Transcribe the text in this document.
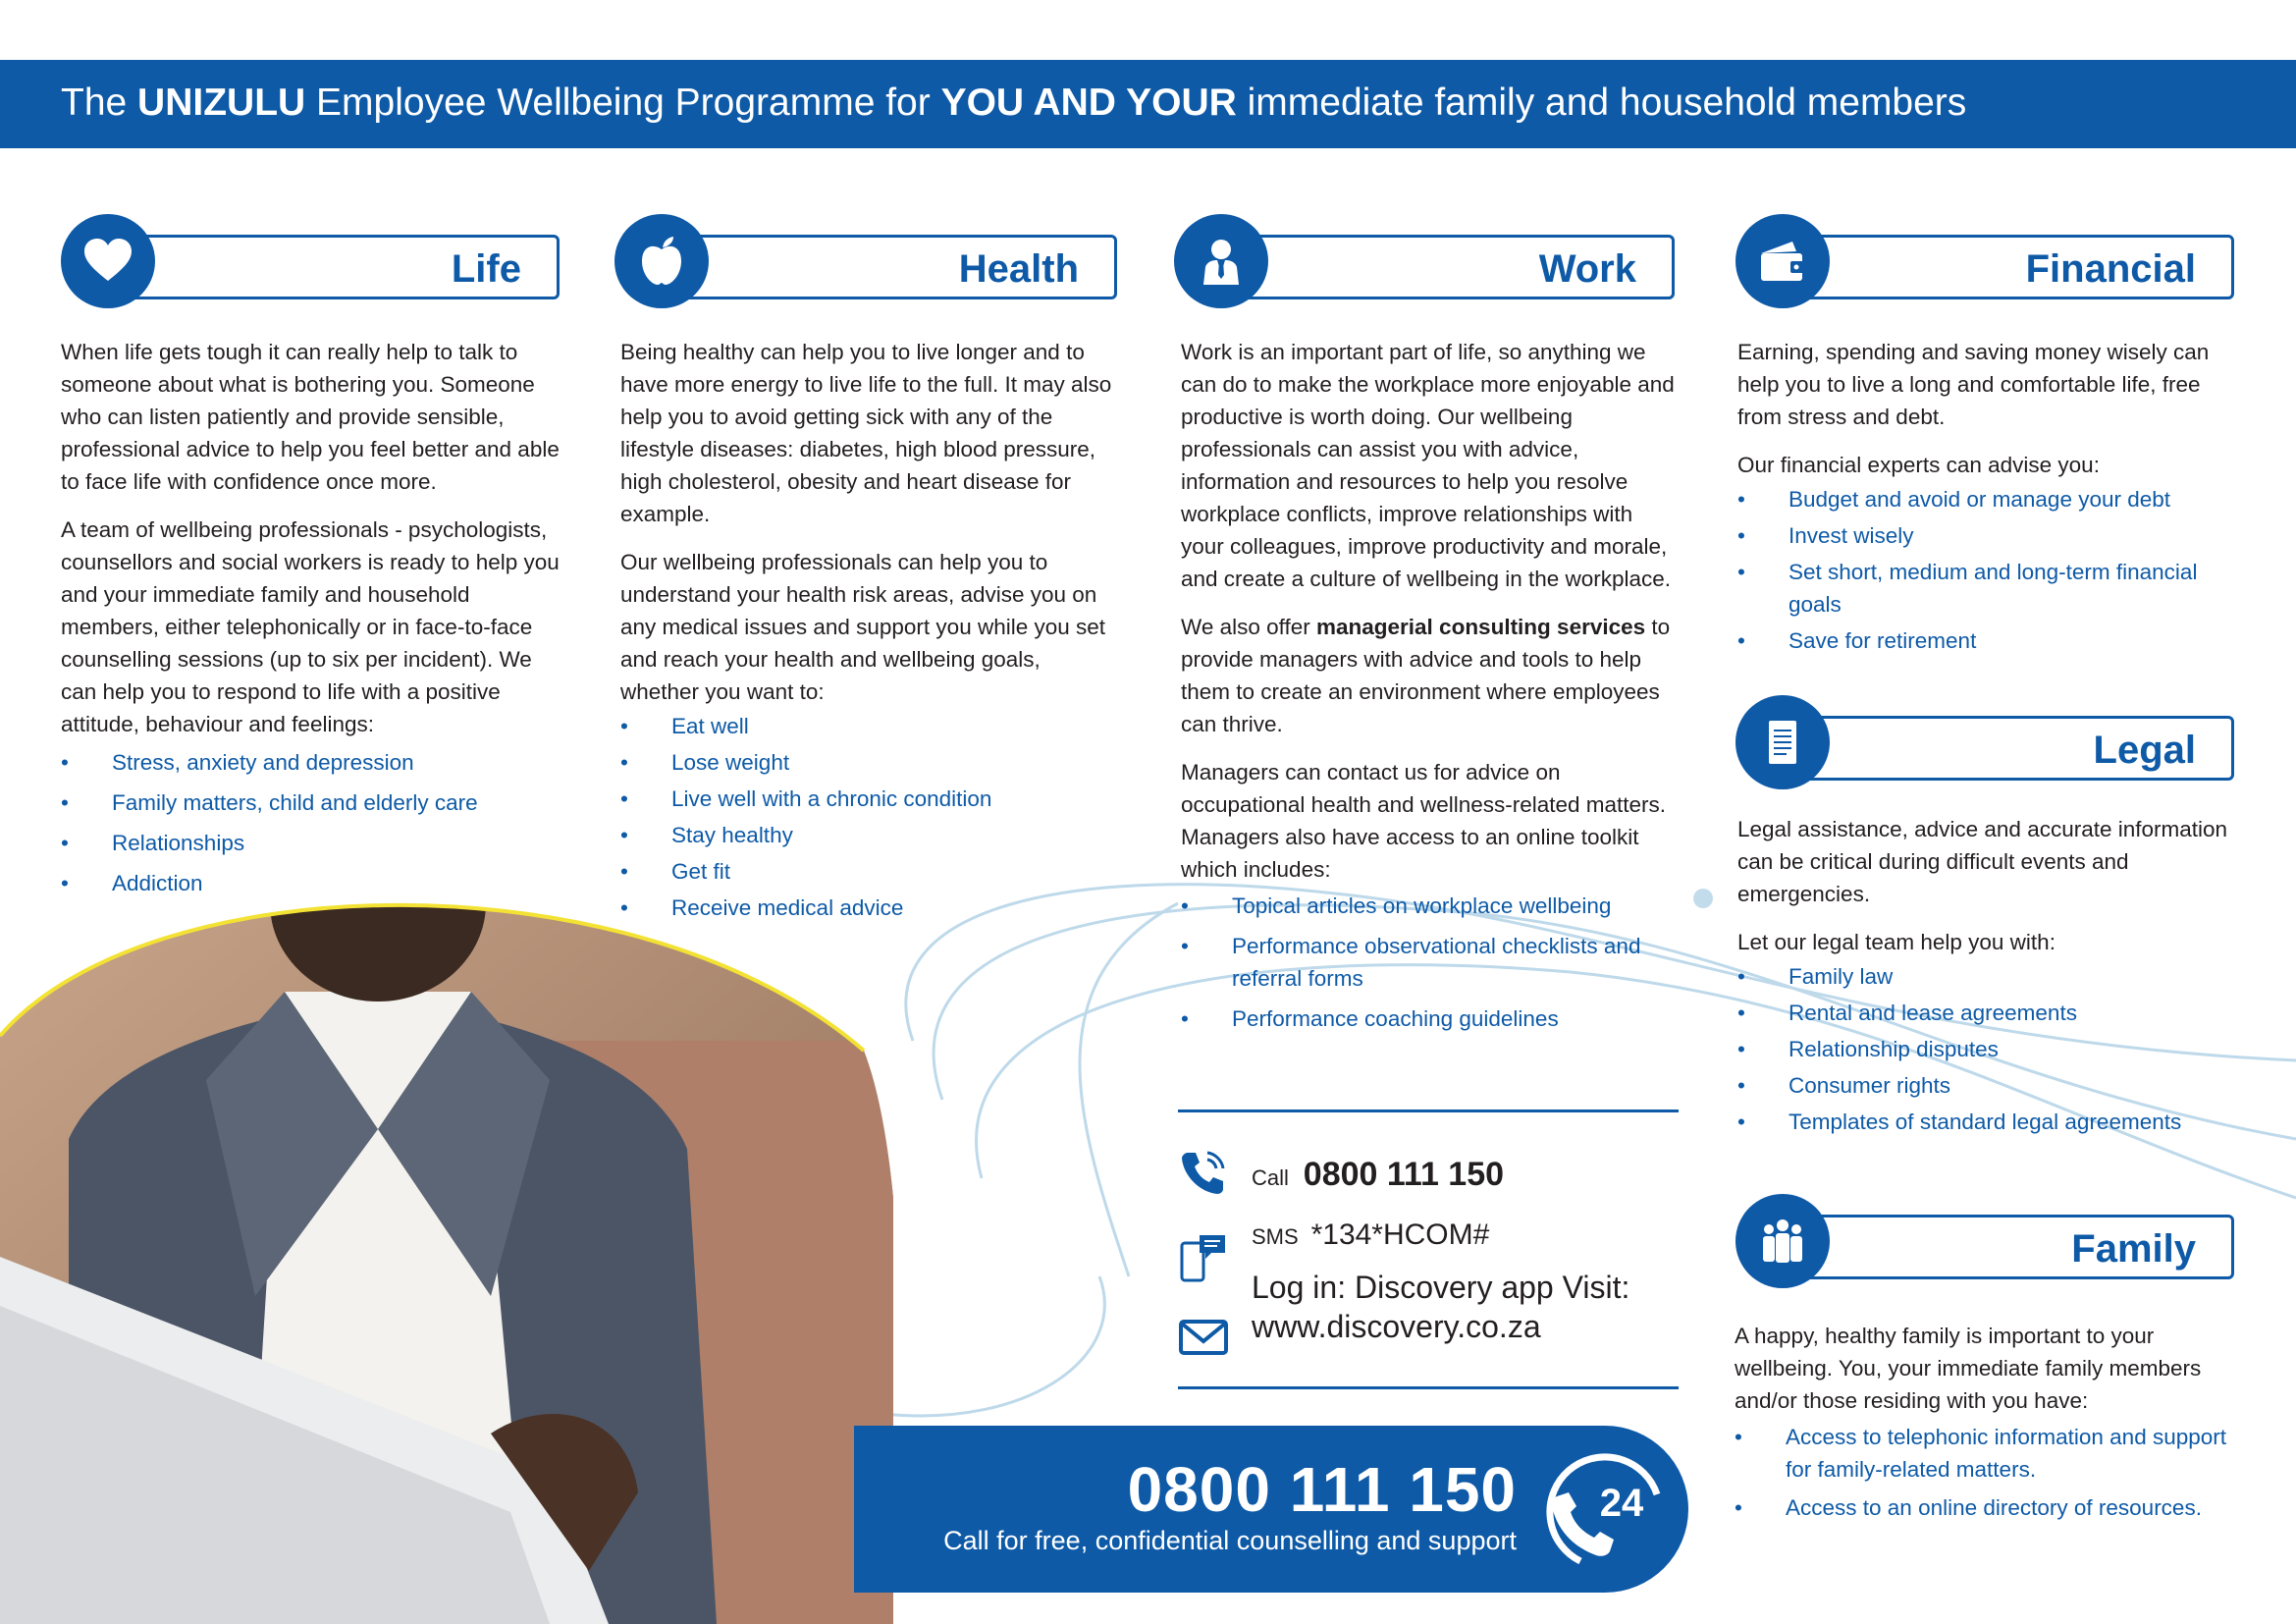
The UNIZULU Employee Wellbeing Programme for YOU AND YOUR immediate family and household members
Life

When life gets tough it can really help to talk to someone about what is bothering you. Someone who can listen patiently and provide sensible, professional advice to help you feel better and able to face life with confidence once more.

A team of wellbeing professionals - psychologists, counsellors and social workers is ready to help you and your immediate family and household members, either telephonically or in face-to-face counselling sessions (up to six per incident). We can help you to respond to life with a positive attitude, behaviour and feelings:

• Stress, anxiety and depression
• Family matters, child and elderly care
• Relationships
• Addiction
Health

Being healthy can help you to live longer and to have more energy to live life to the full. It may also help you to avoid getting sick with any of the lifestyle diseases: diabetes, high blood pressure, high cholesterol, obesity and heart disease for example.

Our wellbeing professionals can help you to understand your health risk areas, advise you on any medical issues and support you while you set and reach your health and wellbeing goals, whether you want to:

• Eat well
• Lose weight
• Live well with a chronic condition
• Stay healthy
• Get fit
• Receive medical advice
Work

Work is an important part of life, so anything we can do to make the workplace more enjoyable and productive is worth doing. Our wellbeing professionals can assist you with advice, information and resources to help you resolve workplace conflicts, improve relationships with your colleagues, improve productivity and morale, and create a culture of wellbeing in the workplace.

We also offer managerial consulting services to provide managers with advice and tools to help them to create an environment where employees can thrive.

Managers can contact us for advice on occupational health and wellness-related matters. Managers also have access to an online toolkit which includes:

• Topical articles on workplace wellbeing
• Performance observational checklists and referral forms
• Performance coaching guidelines
Call 0800 111 150
SMS *134*HCOM#
Log in: Discovery app Visit:
www.discovery.co.za
0800 111 150
Call for free, confidential counselling and support
24
Financial

Earning, spending and saving money wisely can help you to live a long and comfortable life, free from stress and debt.

Our financial experts can advise you:

• Budget and avoid or manage your debt
• Invest wisely
• Set short, medium and long-term financial goals
• Save for retirement
Legal

Legal assistance, advice and accurate information can be critical during difficult events and emergencies.

Let our legal team help you with:

• Family law
• Rental and lease agreements
• Relationship disputes
• Consumer rights
• Templates of standard legal agreements
Family

A happy, healthy family is important to your wellbeing. You, your immediate family members and/or those residing with you have:

• Access to telephonic information and support for family-related matters.
• Access to an online directory of resources.
